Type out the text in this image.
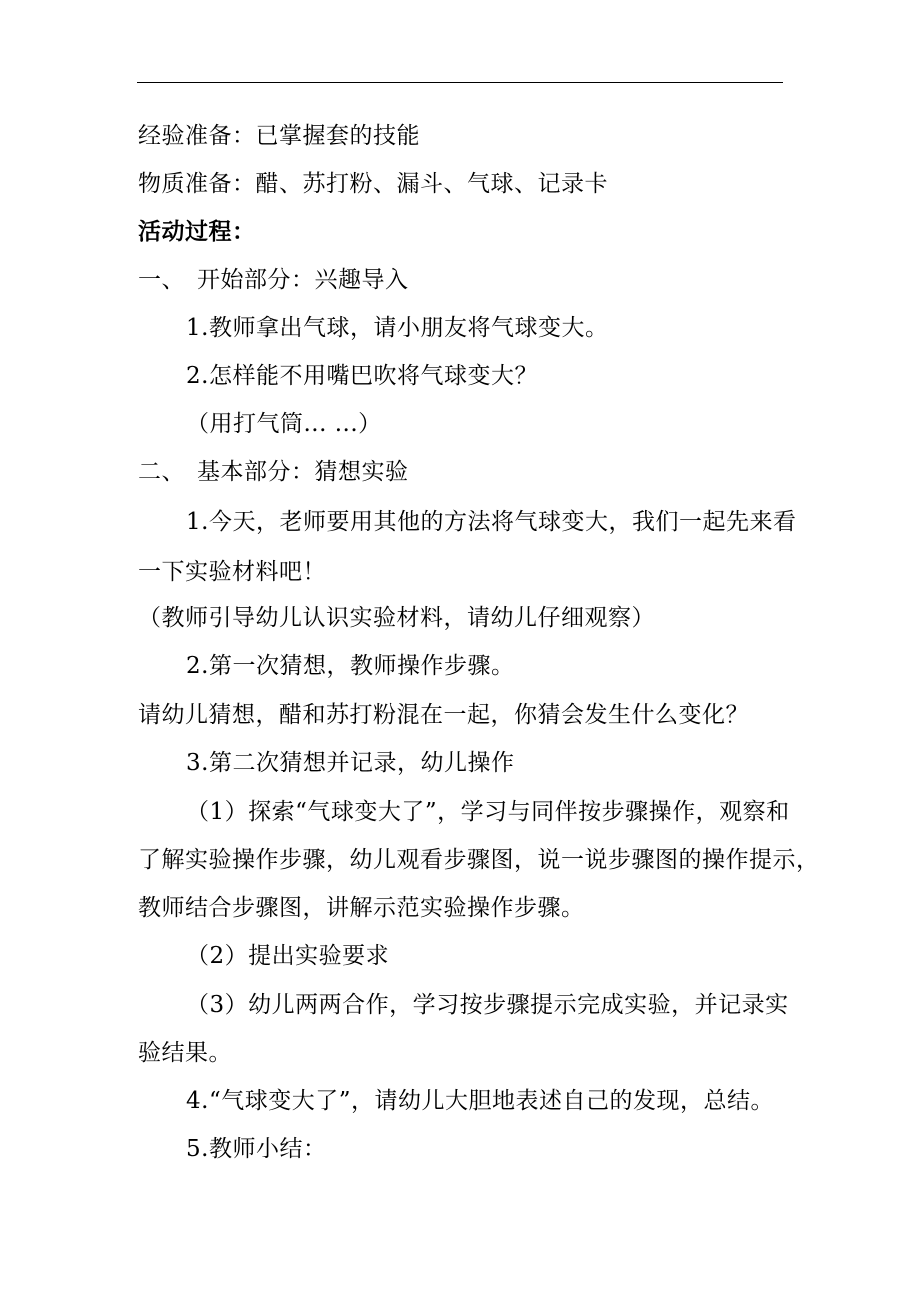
经验准备：已掌握套的技能
物质准备：醋、苏打粉、漏斗、气球、记录卡
活动过程：
一、　开始部分：兴趣导入
1.教师拿出气球，请小朋友将气球变大。
2.怎样能不用嘴巴吹将气球变大？
（用打气筒... ...）
二、　基本部分：猜想实验
1.今天，老师要用其他的方法将气球变大，我们一起先来看
一下实验材料吧！
（教师引导幼儿认识实验材料，请幼儿仔细观察）
2.第一次猜想，教师操作步骤。
请幼儿猜想，醋和苏打粉混在一起，你猜会发生什么变化？
3.第二次猜想并记录，幼儿操作
（1）探索“气球变大了”，学习与同伴按步骤操作，观察和
了解实验操作步骤，幼儿观看步骤图，说一说步骤图的操作提示，
教师结合步骤图，讲解示范实验操作步骤。
（2）提出实验要求
（3）幼儿两两合作，学习按步骤提示完成实验，并记录实
验结果。
4.“气球变大了”，请幼儿大胆地表述自己的发现，总结。
5.教师小结：
